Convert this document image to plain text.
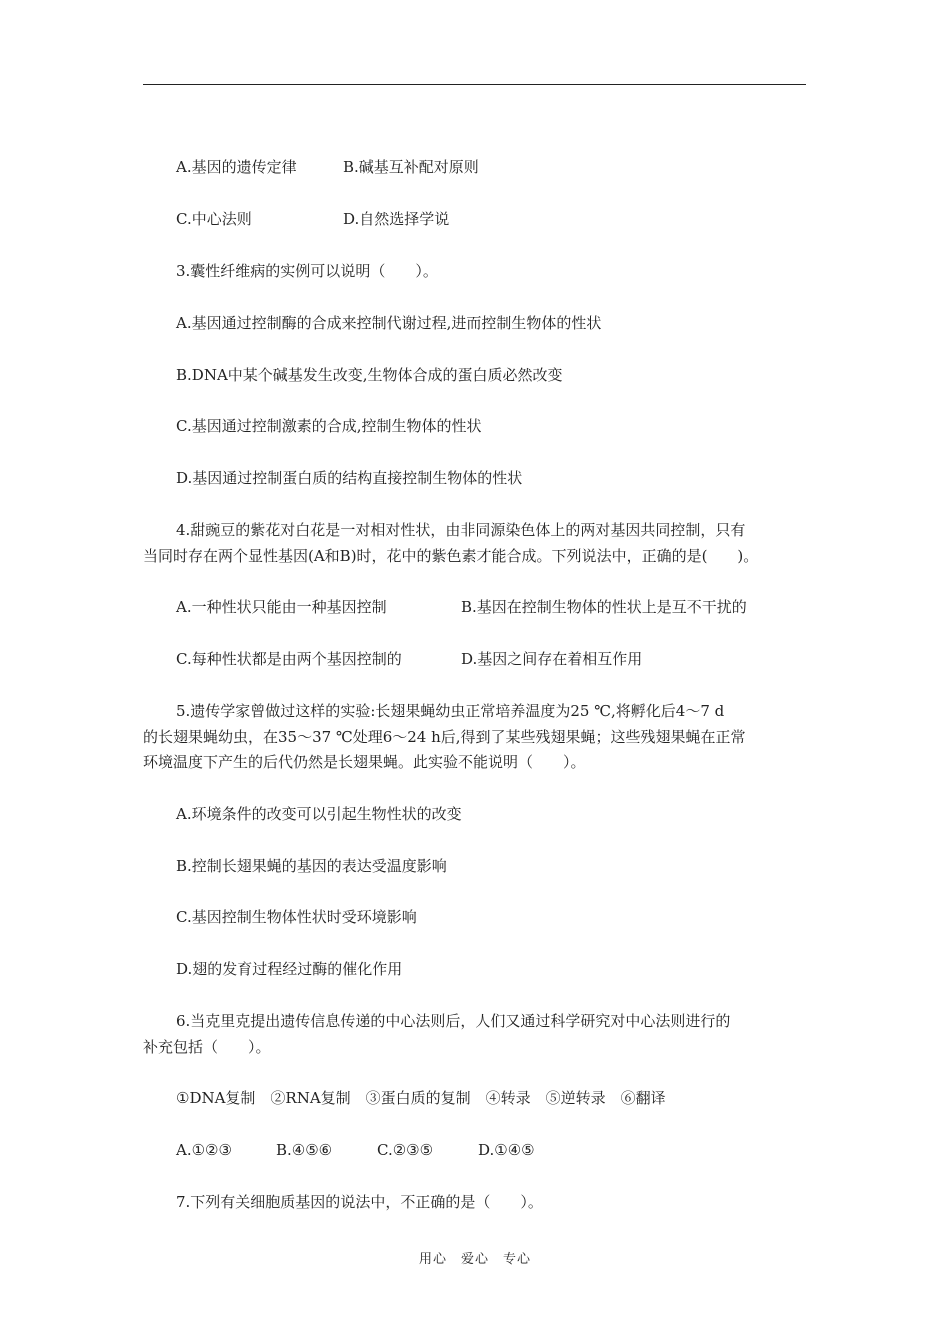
A.基因的遗传定律	B.碱基互补配对原则
C.中心法则	D.自然选择学说
3.囊性纤维病的实例可以说明（　　）。
A.基因通过控制酶的合成来控制代谢过程,进而控制生物体的性状
B.DNA中某个碱基发生改变,生物体合成的蛋白质必然改变
C.基因通过控制激素的合成,控制生物体的性状
D.基因通过控制蛋白质的结构直接控制生物体的性状
4.甜豌豆的紫花对白花是一对相对性状，由非同源染色体上的两对基因共同控制，只有
当同时存在两个显性基因(A和B)时，花中的紫色素才能合成。下列说法中，正确的是(　　)。
A.一种性状只能由一种基因控制	B.基因在控制生物体的性状上是互不干扰的
C.每种性状都是由两个基因控制的	D.基因之间存在着相互作用
5.遗传学家曾做过这样的实验:长翅果蝇幼虫正常培养温度为25 ℃,将孵化后4～7 d
的长翅果蝇幼虫，在35～37 ℃处理6～24 h后,得到了某些残翅果蝇；这些残翅果蝇在正常
环境温度下产生的后代仍然是长翅果蝇。此实验不能说明（　　）。
A.环境条件的改变可以引起生物性状的改变
B.控制长翅果蝇的基因的表达受温度影响
C.基因控制生物体性状时受环境影响
D.翅的发育过程经过酶的催化作用
6.当克里克提出遗传信息传递的中心法则后，人们又通过科学研究对中心法则进行的
补充包括（　　）。
①DNA复制　②RNA复制　③蛋白质的复制　④转录　⑤逆转录　⑥翻译
A.①②③	B.④⑤⑥	C.②③⑤	D.①④⑤
7.下列有关细胞质基因的说法中，不正确的是（　　）。
用心　爱心　专心
